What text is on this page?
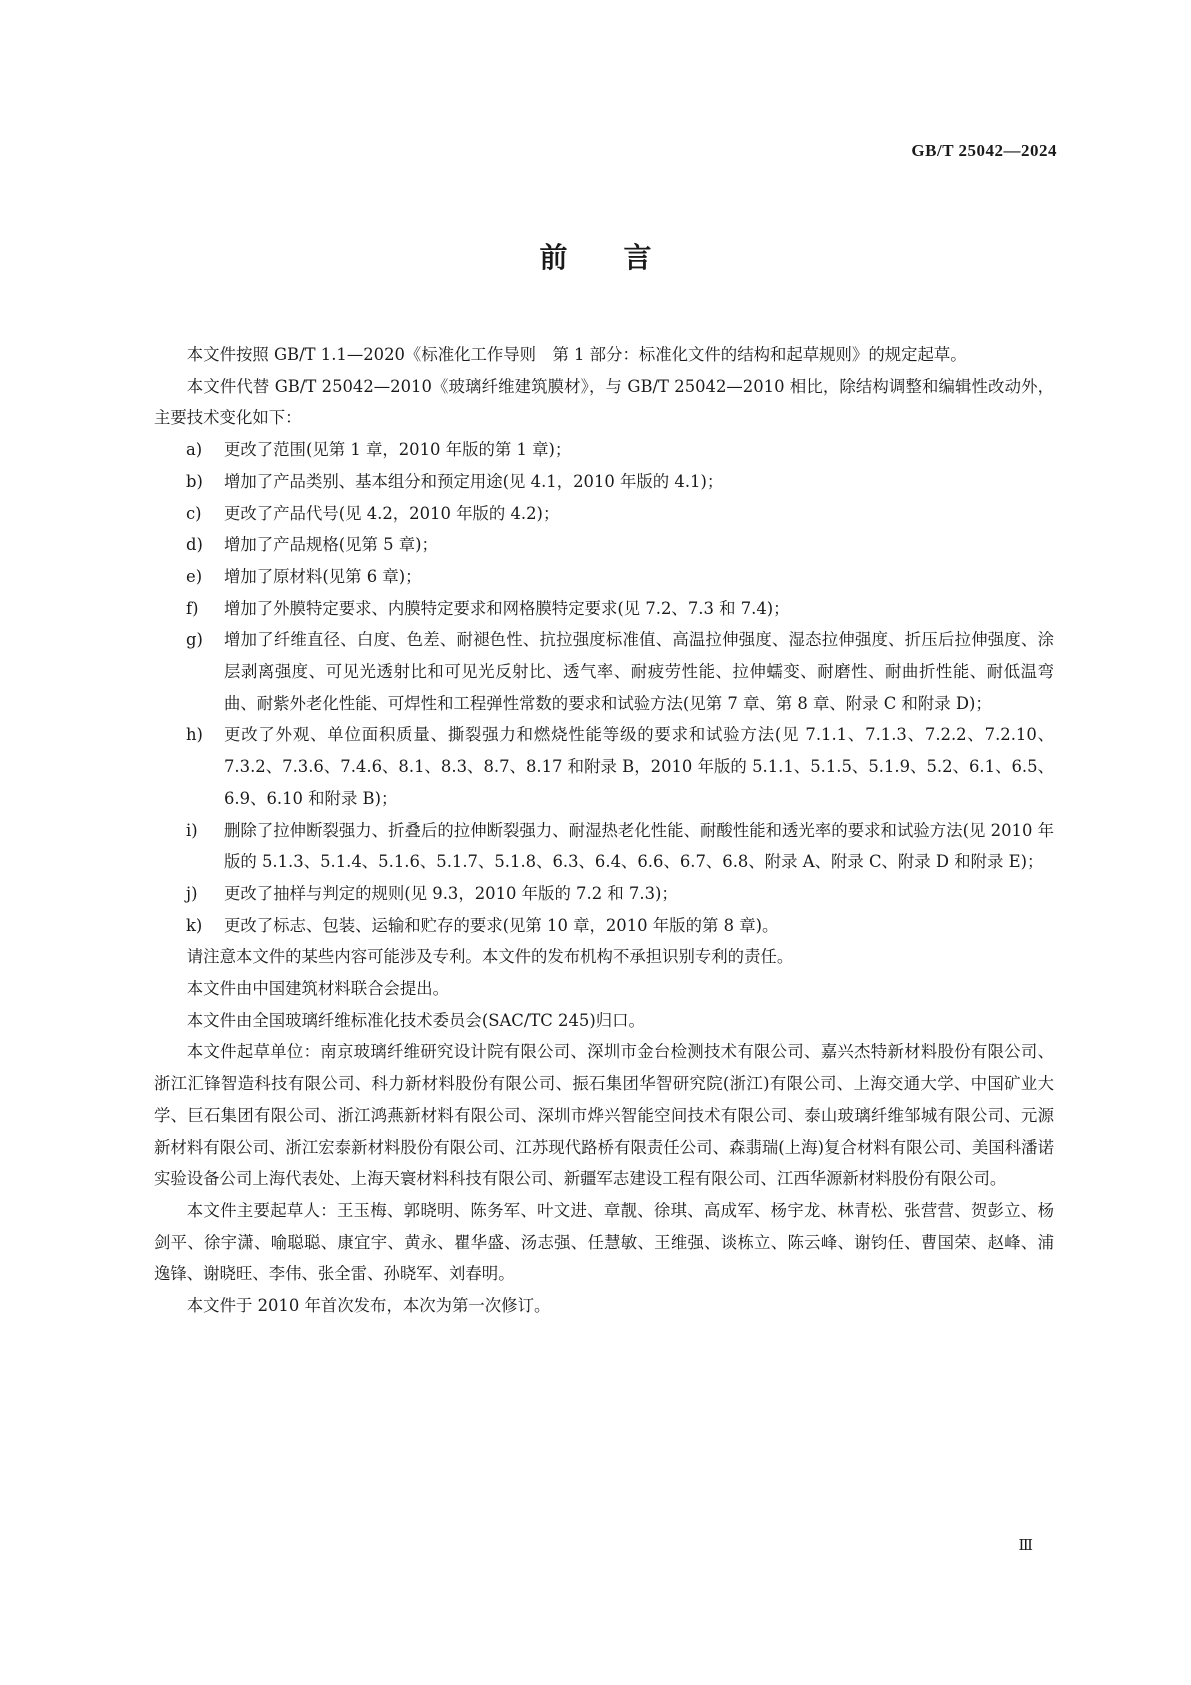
GB/T 25042—2024
前言

本文件按照 GB/T 1.1—2020《标准化工作导则　第 1 部分：标准化文件的结构和起草规则》的规定起草。

本文件代替 GB/T 25042—2010《玻璃纤维建筑膜材》，与 GB/T 25042—2010 相比，除结构调整和编辑性改动外，主要技术变化如下：

a)	更改了范围(见第 1 章，2010 年版的第 1 章)；
b)	增加了产品类别、基本组分和预定用途(见 4.1，2010 年版的 4.1)；
c)	更改了产品代号(见 4.2，2010 年版的 4.2)；
d)	增加了产品规格(见第 5 章)；
e)	增加了原材料(见第 6 章)；
f)	增加了外膜特定要求、内膜特定要求和网格膜特定要求(见 7.2、7.3 和 7.4)；
g)	增加了纤维直径、白度、色差、耐褪色性、抗拉强度标准值、高温拉伸强度、湿态拉伸强度、折压后拉伸强度、涂层剥离强度、可见光透射比和可见光反射比、透气率、耐疲劳性能、拉伸蠕变、耐磨性、耐曲折性能、耐低温弯曲、耐紫外老化性能、可焊性和工程弹性常数的要求和试验方法(见第 7 章、第 8 章、附录 C 和附录 D)；
h)	更改了外观、单位面积质量、撕裂强力和燃烧性能等级的要求和试验方法(见 7.1.1、7.1.3、7.2.2、7.2.10、7.3.2、7.3.6、7.4.6、8.1、8.3、8.7、8.17 和附录 B，2010 年版的 5.1.1、5.1.5、5.1.9、5.2、6.1、6.5、6.9、6.10 和附录 B)；
i)	删除了拉伸断裂强力、折叠后的拉伸断裂强力、耐湿热老化性能、耐酸性能和透光率的要求和试验方法(见 2010 年版的 5.1.3、5.1.4、5.1.6、5.1.7、5.1.8、6.3、6.4、6.6、6.7、6.8、附录 A、附录 C、附录 D 和附录 E)；
j)	更改了抽样与判定的规则(见 9.3，2010 年版的 7.2 和 7.3)；
k)	更改了标志、包装、运输和贮存的要求(见第 10 章，2010 年版的第 8 章)。

请注意本文件的某些内容可能涉及专利。本文件的发布机构不承担识别专利的责任。

本文件由中国建筑材料联合会提出。

本文件由全国玻璃纤维标准化技术委员会(SAC/TC 245)归口。

本文件起草单位：南京玻璃纤维研究设计院有限公司、深圳市金台检测技术有限公司、嘉兴杰特新材料股份有限公司、浙江汇锋智造科技有限公司、科力新材料股份有限公司、振石集团华智研究院(浙江)有限公司、上海交通大学、中国矿业大学、巨石集团有限公司、浙江鸿燕新材料有限公司、深圳市烨兴智能空间技术有限公司、泰山玻璃纤维邹城有限公司、元源新材料有限公司、浙江宏泰新材料股份有限公司、江苏现代路桥有限责任公司、森翡瑞(上海)复合材料有限公司、美国科潘诺实验设备公司上海代表处、上海天寰材料科技有限公司、新疆军志建设工程有限公司、江西华源新材料股份有限公司。

本文件主要起草人：王玉梅、郭晓明、陈务军、叶文进、章靓、徐琪、高成军、杨宇龙、林青松、张营营、贺彭立、杨剑平、徐宇潇、喻聪聪、康宜宇、黄永、瞿华盛、汤志强、任慧敏、王维强、谈栋立、陈云峰、谢钧任、曹国荣、赵峰、浦逸锋、谢晓旺、李伟、张全雷、孙晓军、刘春明。

本文件于 2010 年首次发布，本次为第一次修订。

Ⅲ
